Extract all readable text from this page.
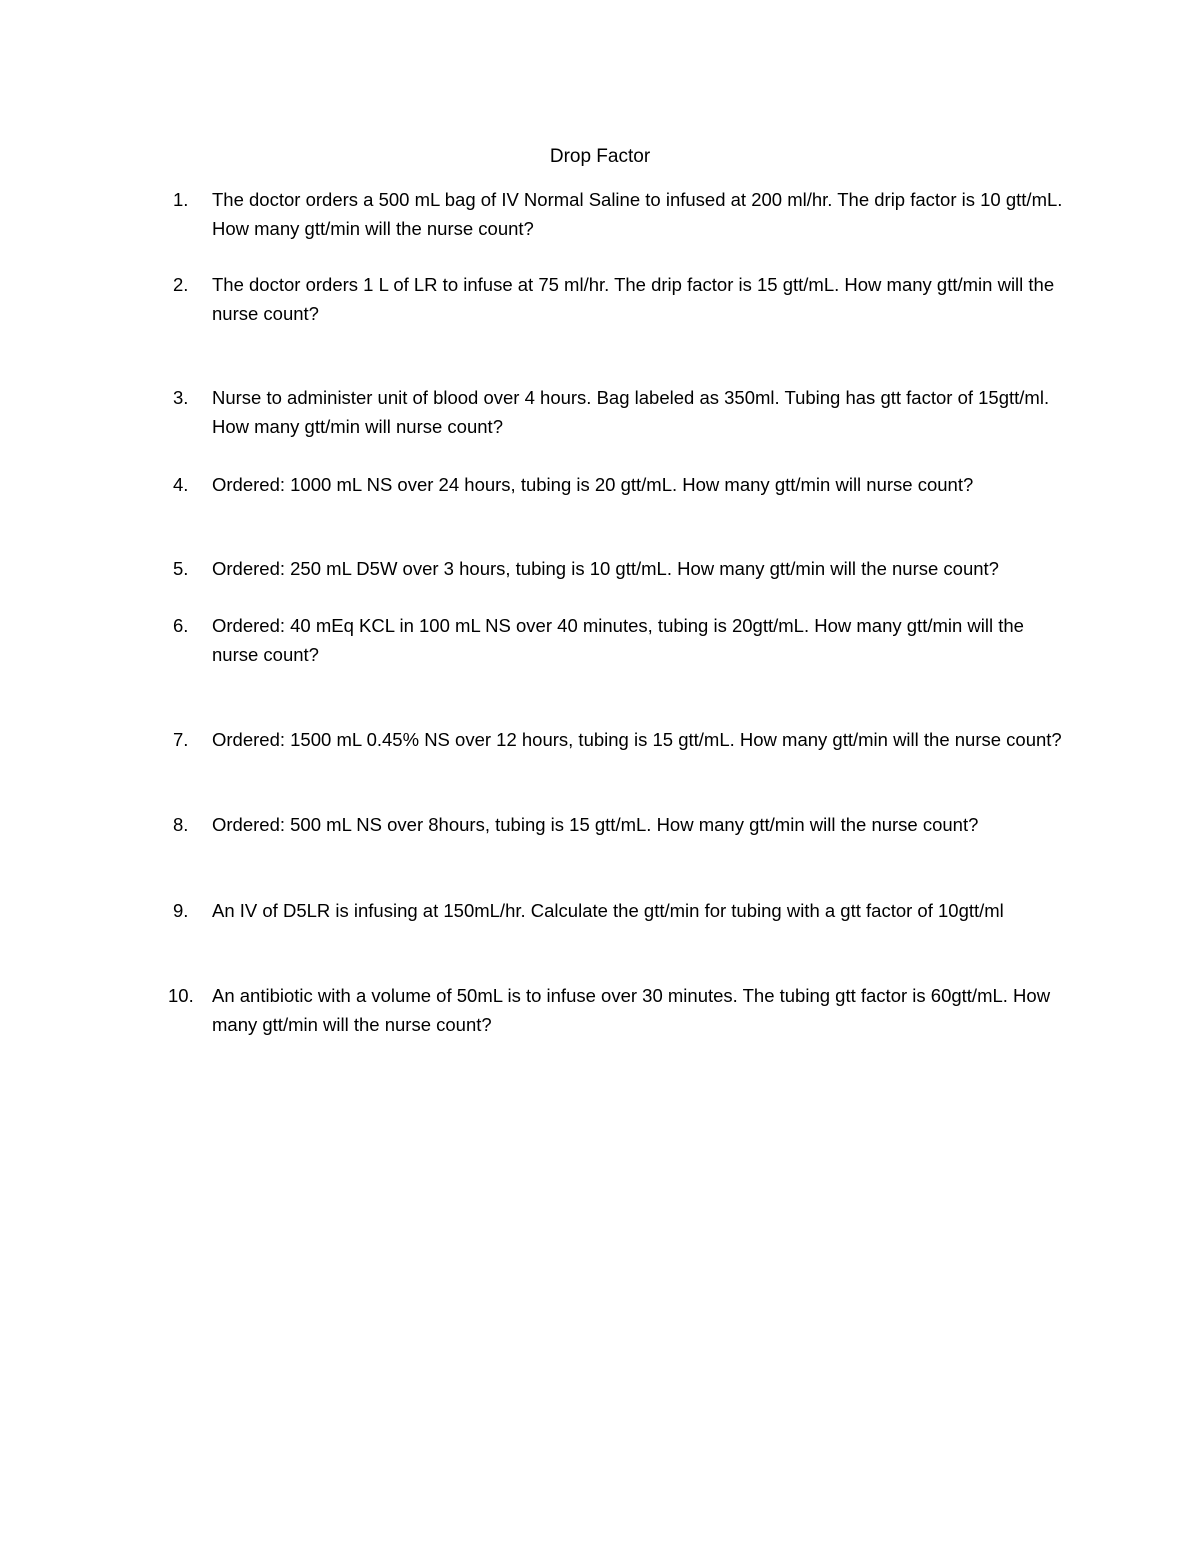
Drop Factor
1.	The doctor orders a 500 mL bag of IV Normal Saline to infused at 200 ml/hr. The drip factor is 10 gtt/mL. How many gtt/min will the nurse count?
2.	The doctor orders 1 L of LR to infuse at 75 ml/hr. The drip factor is 15 gtt/mL. How many gtt/min will the nurse count?
3.	Nurse to administer unit of blood over 4 hours. Bag labeled as 350ml. Tubing has gtt factor of 15gtt/ml. How many gtt/min will nurse count?
4.	Ordered: 1000 mL NS over 24 hours, tubing is 20 gtt/mL. How many gtt/min will nurse count?
5.	Ordered: 250 mL D5W over 3 hours, tubing is 10 gtt/mL. How many gtt/min will the nurse count?
6.	Ordered: 40 mEq KCL in 100 mL NS over 40 minutes, tubing is 20gtt/mL. How many gtt/min will the nurse count?
7.	Ordered: 1500 mL 0.45% NS over 12 hours, tubing is 15 gtt/mL. How many gtt/min will the nurse count?
8.	Ordered: 500 mL NS over 8hours, tubing is 15 gtt/mL. How many gtt/min will the nurse count?
9.	An IV of D5LR is infusing at 150mL/hr. Calculate the gtt/min for tubing with a gtt factor of 10gtt/ml
10. An antibiotic with a volume of 50mL is to infuse over 30 minutes. The tubing gtt factor is 60gtt/mL. How many gtt/min will the nurse count?
